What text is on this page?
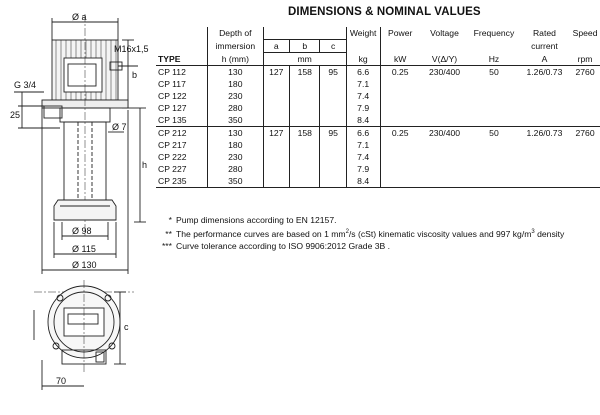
Ø a
M16x1,5
b
G 3/4
25
Ø 7
h
Ø 98
Ø 115
Ø 130
c
70
DIMENSIONS & NOMINAL VALUES
	Depth of				Weight	Power	Voltage	Frequency	Rated	Speed
	immersion	a	b	c					current	
TYPE	h (mm)	mm			kg	kW	V(Δ/Y)	Hz	A	rpm
CP 112	130	127	158	95	6.6	0.25	230/400	50	1.26/0.73	2760
CP 117	180				7.1					
CP 122	230				7.4					
CP 127	280				7.9					
CP 135	350				8.4					
CP 212	130	127	158	95	6.6	0.25	230/400	50	1.26/0.73	2760
CP 217	180				7.1					
CP 222	230				7.4					
CP 227	280				7.9					
CP 235	350				8.4					
* Pump dimensions according to EN 12157.
** The performance curves are based on 1 $mm^2/s$ (cSt) kinematic viscosity values and 997 $kg/m^3$ density
*** Curve tolerance according to ISO 9906:2012 Grade 3B .
